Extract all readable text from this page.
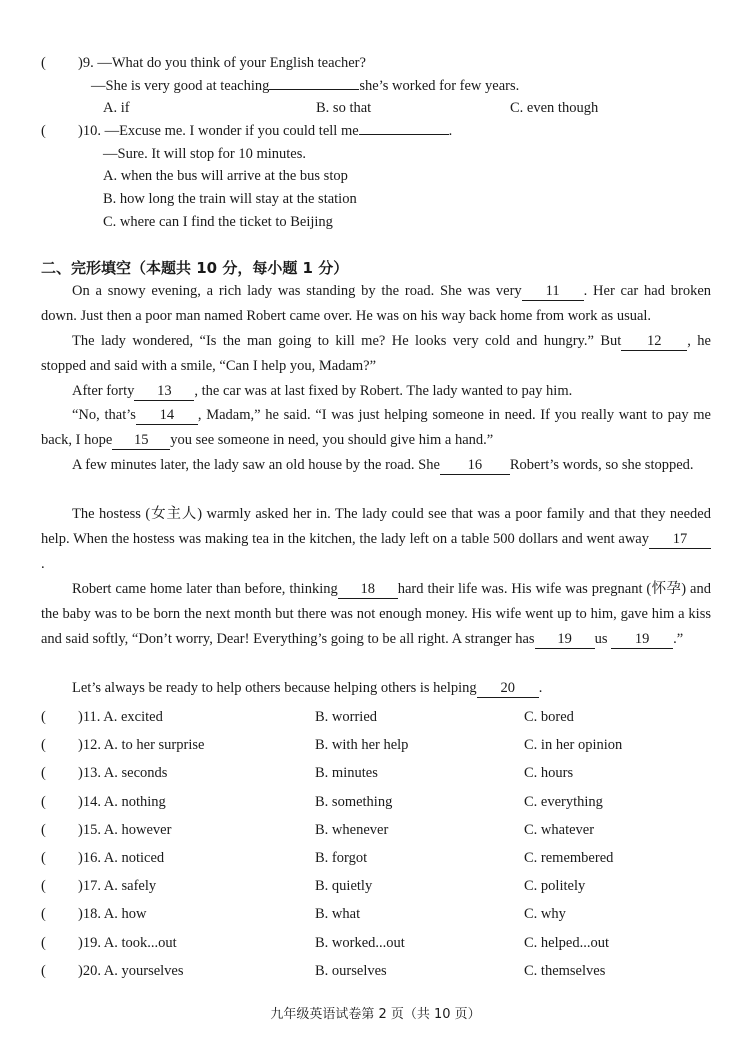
( )9. —What do you think of your English teacher?
—She is very good at teaching	she’s worked for few years.
A. if	B. so that	C. even though
( )10. —Excuse me. I wonder if you could tell me	.
—Sure. It will stop for 10 minutes.
A. when the bus will arrive at the bus stop
B. how long the train will stay at the station
C. where can I find the ticket to Beijing
二、完形填空（本题共 10 分，每小题 1 分）
On a snowy evening, a rich lady was standing by the road. She was very 11 . Her car had broken down. Just then a poor man named Robert came over. He was on his way back home from work as usual.
The lady wondered, “Is the man going to kill me? He looks very cold and hungry.” But 12 , he stopped and said with a smile, “Can I help you, Madam?”
After forty 13 , the car was at last fixed by Robert. The lady wanted to pay him.
“No, that’s 14 , Madam,” he said. “I was just helping someone in need. If you really want to pay me back, I hope 15 you see someone in need, you should give him a hand.”
A few minutes later, the lady saw an old house by the road. She 16 Robert’s words, so she stopped.
The hostess (女主人) warmly asked her in. The lady could see that was a poor family and that they needed help. When the hostess was making tea in the kitchen, the lady left on a table 500 dollars and went away 17.
Robert came home later than before, thinking 18 hard their life was. His wife was pregnant (怀孕) and the baby was to be born the next month but there was not enough money. His wife went up to him, gave him a kiss and said softly, “Don’t worry, Dear! Everything’s going to be all right. A stranger has 19 us 19 .”
Let’s always be ready to help others because helping others is helping 20 .
( )11. A. excited	B. worried	C. bored
( )12. A. to her surprise	B. with her help	C. in her opinion
( )13. A. seconds	B. minutes	C. hours
( )14. A. nothing	B. something	C. everything
( )15. A. however	B. whenever	C. whatever
( )16. A. noticed	B. forgot	C. remembered
( )17. A. safely	B. quietly	C. politely
( )18. A. how	B. what	C. why
( )19. A. took...out	B. worked...out	C. helped...out
( )20. A. yourselves	B. ourselves	C. themselves
九年级英语试卷第 2 页（共 10 页）
